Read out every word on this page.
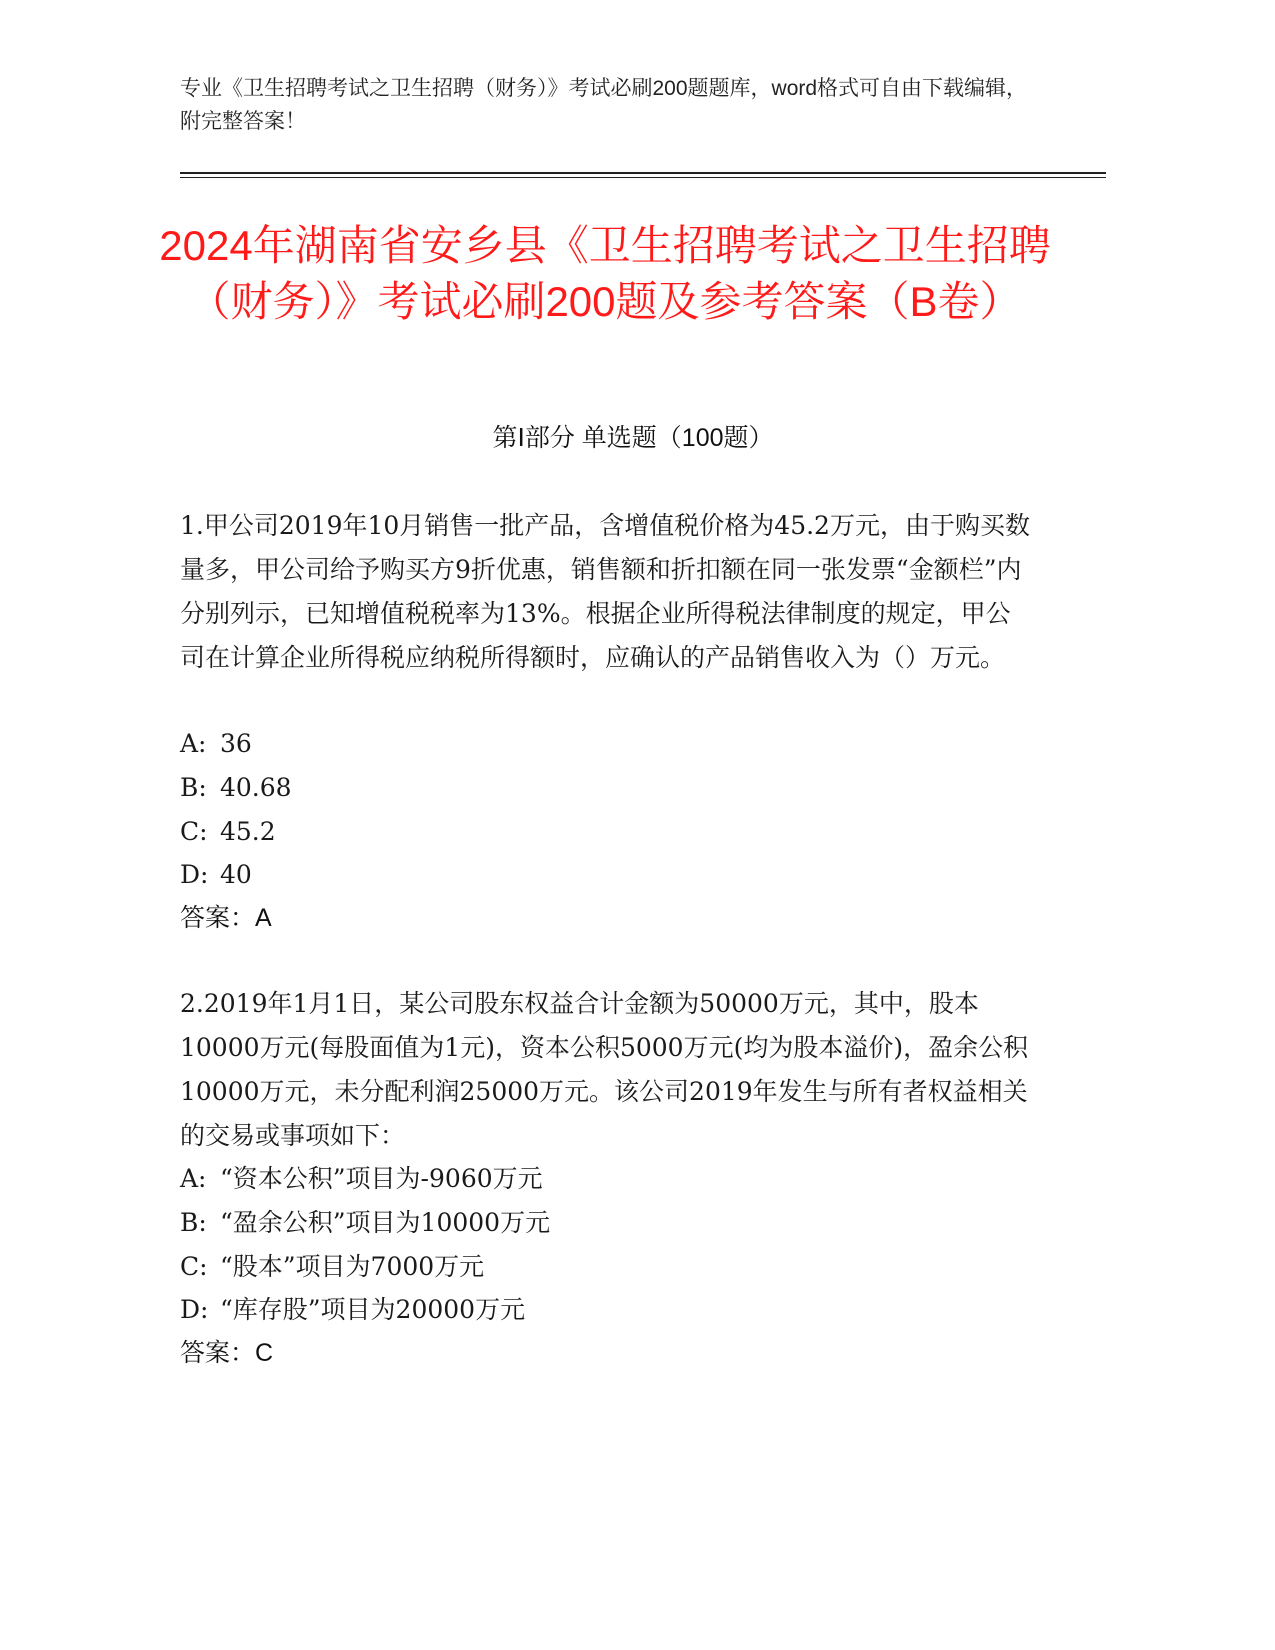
专业《卫生招聘考试之卫生招聘（财务）》考试必刷200题题库，word格式可自由下载编辑，附完整答案！
2024年湖南省安乡县《卫生招聘考试之卫生招聘（财务）》考试必刷200题及参考答案（B卷）
第Ⅰ部分 单选题（100题）
1.甲公司2019年10月销售一批产品，含增值税价格为45.2万元，由于购买数量多，甲公司给予购买方9折优惠，销售额和折扣额在同一张发票“金额栏”内分别列示，已知增值税税率为13%。根据企业所得税法律制度的规定，甲公司在计算企业所得税应纳税所得额时，应确认的产品销售收入为（）万元。
A: 36
B: 40.68
C: 45.2
D: 40
答案：A
2.2019年1月1日，某公司股东权益合计金额为50000万元，其中，股本10000万元(每股面值为1元)，资本公积5000万元(均为股本溢价)，盈余公积10000万元，未分配利润25000万元。该公司2019年发生与所有者权益相关的交易或事项如下：
A: “资本公积”项目为-9060万元
B: “盈余公积”项目为10000万元
C: “股本”项目为7000万元
D: “库存股”项目为20000万元
答案：C
